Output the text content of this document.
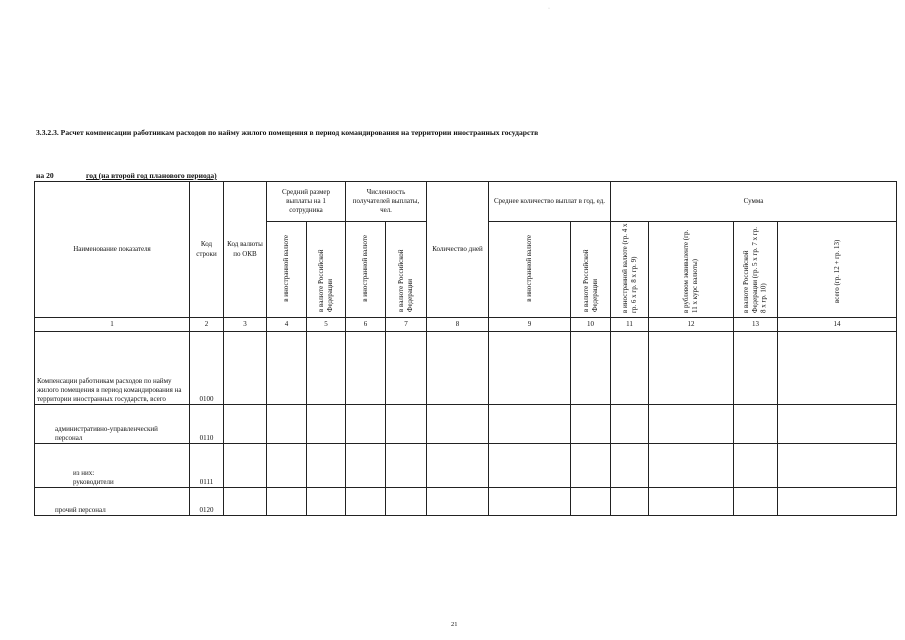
·
3.3.2.3. Расчет компенсации работникам расходов по найму жилого помещения в период командирования на территории иностранных государств
на 20	год (на второй год планового периода)
Наименование показателя	Код строки	Код валюты по ОКВ	Средний размер выплаты на 1 сотрудника		Численность получателей выплаты, чел.		Количество дней	Среднее количество выплат в год, ед.		Сумма			
			в иностранной валюте	в валюте Российской Федерации	в иностранной валюте	в валюте Российской Федерации		в иностранной валюте	в валюте Российской Федерации	в иностранной валюте (гр. 4 х гр. 6 х гр. 8 х гр. 9)	в рублевом эквиваленте (гр. 11 х курс валюты)	в валюте Российской Федерации (гр. 5 х гр. 7 х гр. 8 х гр. 10)	всего (гр. 12 + гр. 13)
1	2	3	4	5	6	7	8	9	10	11	12	13	14
Компенсации работникам расходов по найму жилого помещения в период командирования на территории иностранных государств, всего	0100												
административно-управленческий персонал	0110												
из них:
руководители	0111												
прочий персонал	0120												
21
